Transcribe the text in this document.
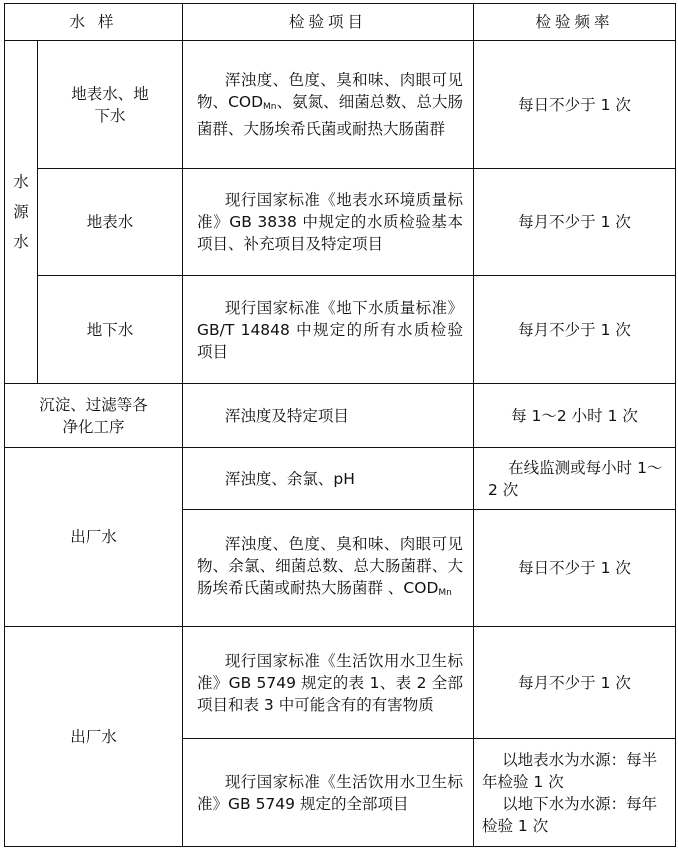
水 样		检验项目	检验频率

水
源
水	地表水、地下水	浑浊度、色度、臭和味、肉眼可见物、$COD_{Mn}$、氨氮、细菌总数、总大肠菌群、大肠埃希氏菌或耐热大肠菌群	每日不少于 1 次
	地表水	现行国家标准《地表水环境质量标准》GB 3838 中规定的水质检验基本项目、补充项目及特定项目	每月不少于 1 次
	地下水	现行国家标准《地下水质量标准》GB/T 14848 中规定的所有水质检验项目	每月不少于 1 次
沉淀、过滤等各净化工序		浑浊度及特定项目	每 1～2 小时 1 次
出厂水		浑浊度、余氯、pH	在线监测或每小时 1～2 次

		浑浊度、色度、臭和味、肉眼可见物、余氯、细菌总数、总大肠菌群、大肠埃希氏菌或耐热大肠菌群 、$COD_{Mn}$	每日不少于 1 次
出厂水		现行国家标准《生活饮用水卫生标准》GB 5749 规定的表 1、表 2 全部项目和表 3 中可能含有的有害物质	每月不少于 1 次

		现行国家标准《生活饮用水卫生标准》GB 5749 规定的全部项目	以地表水为水源：每半年检验 1 次
以地下水为水源：每年检验 1 次
